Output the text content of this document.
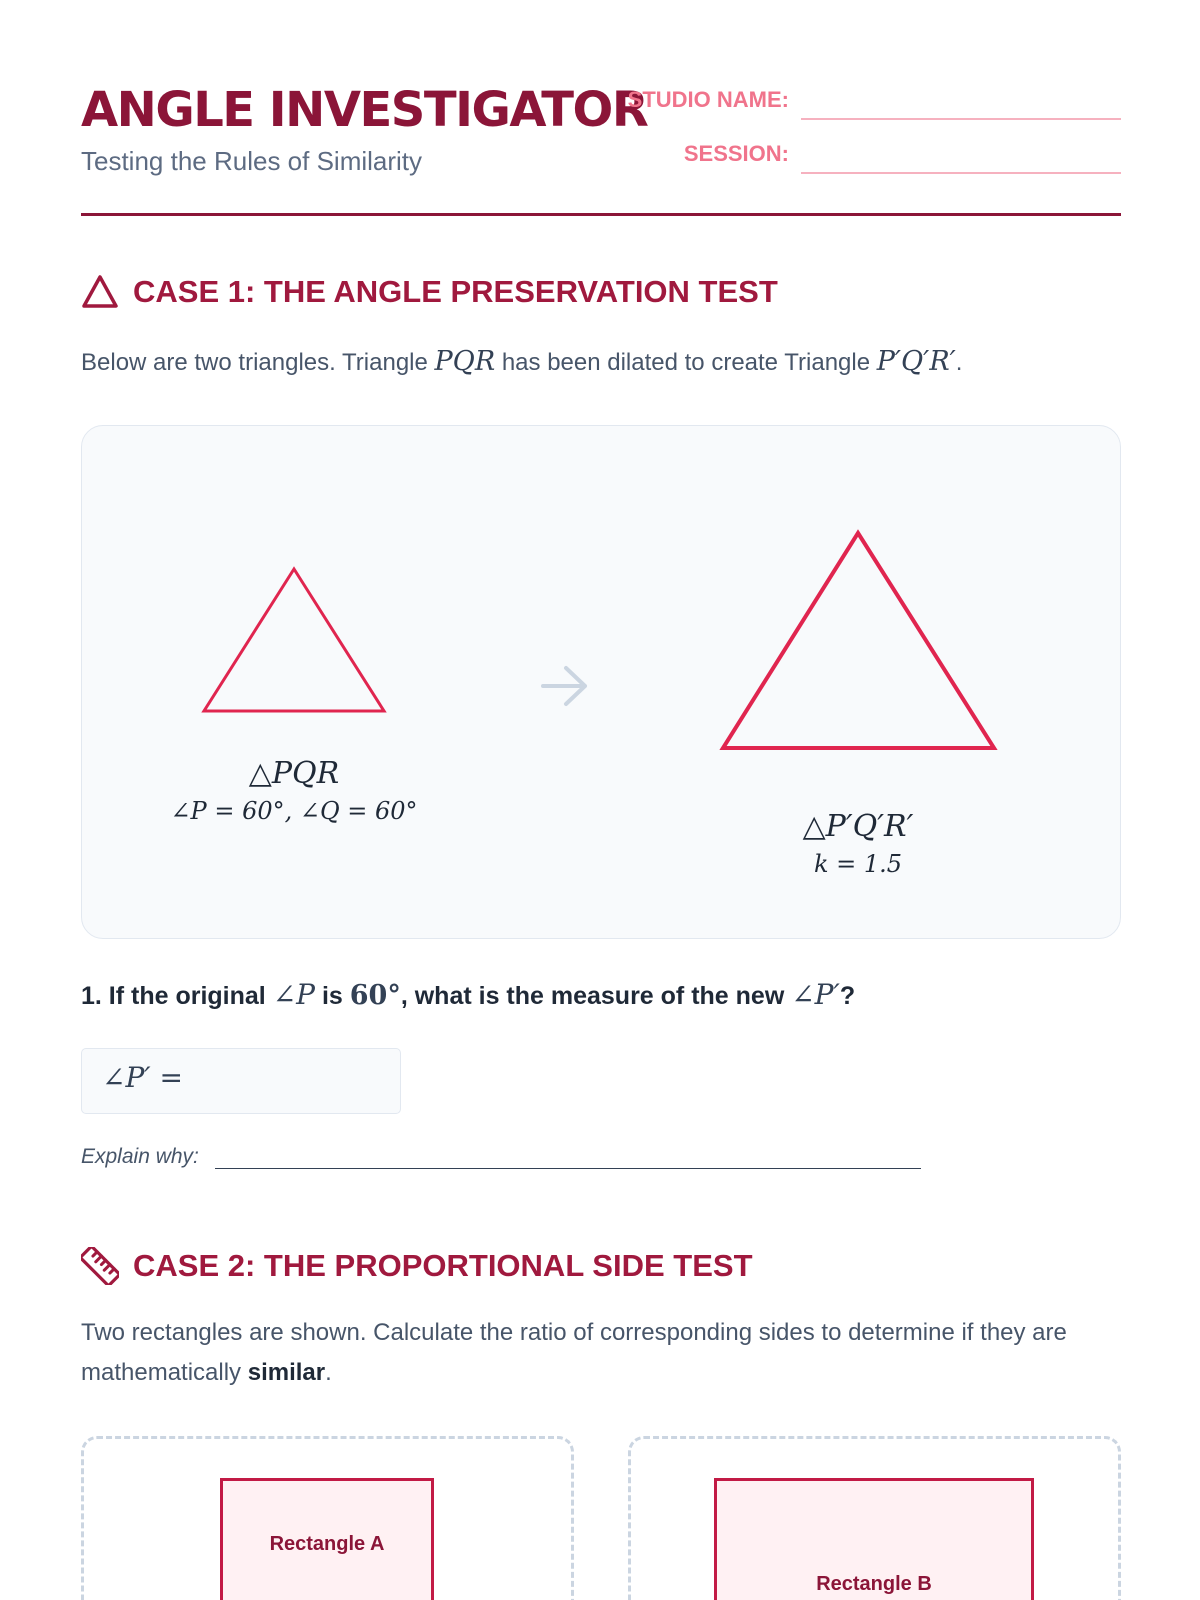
ANGLE INVESTIGATOR
Testing the Rules of Similarity
STUDIO NAME:
SESSION:
CASE 1: THE ANGLE PRESERVATION TEST
Below are two triangles. Triangle PQR has been dilated to create Triangle P′Q′R′.
△PQR
∠P = 60°, ∠Q = 60°	△P′Q′R′
k = 1.5
1. If the original ∠P is 60°, what is the measure of the new ∠P′?
∠P′ =
Explain why:
CASE 2: THE PROPORTIONAL SIDE TEST
Two rectangles are shown. Calculate the ratio of corresponding sides to determine if they are mathematically similar.
Rectangle A
Rectangle B
